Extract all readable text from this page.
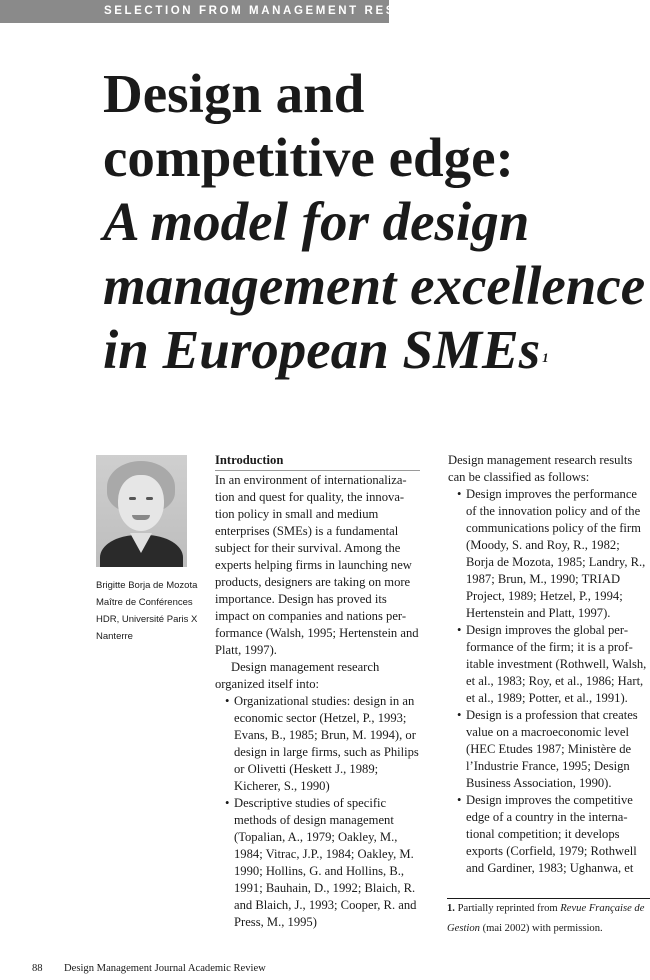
SELECTION FROM MANAGEMENT RESEARCH
Design and
competitive edge:
A model for design
management excellence
in European SMEs $^1$
Brigitte Borja de Mozota
Maître de Conférences
HDR, Université Paris X
Nanterre
Introduction

In an environment of internationaliza- tion and quest for quality, the innova- tion policy in small and medium enterprises (SMEs) is a fundamental subject for their survival. Among the experts helping firms in launching new products, designers are taking on more importance. Design has proved its impact on companies and nations per- formance (Walsh, 1995; Hertenstein and Platt, 1997).

Design management research organized itself into:

• Organizational studies: design in an economic sector (Hetzel, P., 1993; Evans, B., 1985; Brun, M. 1994), or design in large firms, such as Philips or Olivetti (Heskett J., 1989; Kicherer, S., 1990)
• Descriptive studies of specific methods of design management (Topalian, A., 1979; Oakley, M., 1984; Vitrac, J.P., 1984; Oakley, M. 1990; Hollins, G. and Hollins, B., 1991; Bauhain, D., 1992; Blaich, R. and Blaich, J., 1993; Cooper, R. and Press, M., 1995)

Design management research results can be classified as follows:

• Design improves the performance of the innovation policy and of the communications policy of the firm (Moody, S. and Roy, R., 1982; Borja de Mozota, 1985; Landry, R., 1987; Brun, M., 1990; TRIAD Project, 1989; Hetzel, P., 1994; Hertenstein and Platt, 1997).
• Design improves the global per- formance of the firm; it is a prof- itable investment (Rothwell, Walsh, et al., 1983; Roy, et al., 1986; Hart, et al., 1989; Potter, et al., 1991).
• Design is a profession that creates value on a macroeconomic level (HEC Etudes 1987; Ministère de l’Industrie France, 1995; Design Business Association, 1990).
• Design improves the competitive edge of a country in the interna- tional competition; it develops exports (Corfield, 1979; Rothwell and Gardiner, 1983; Ughanwa, et
1. Partially reprinted from Revue Française de Gestion (mai 2002) with permission.
88 Design Management Journal Academic Review
